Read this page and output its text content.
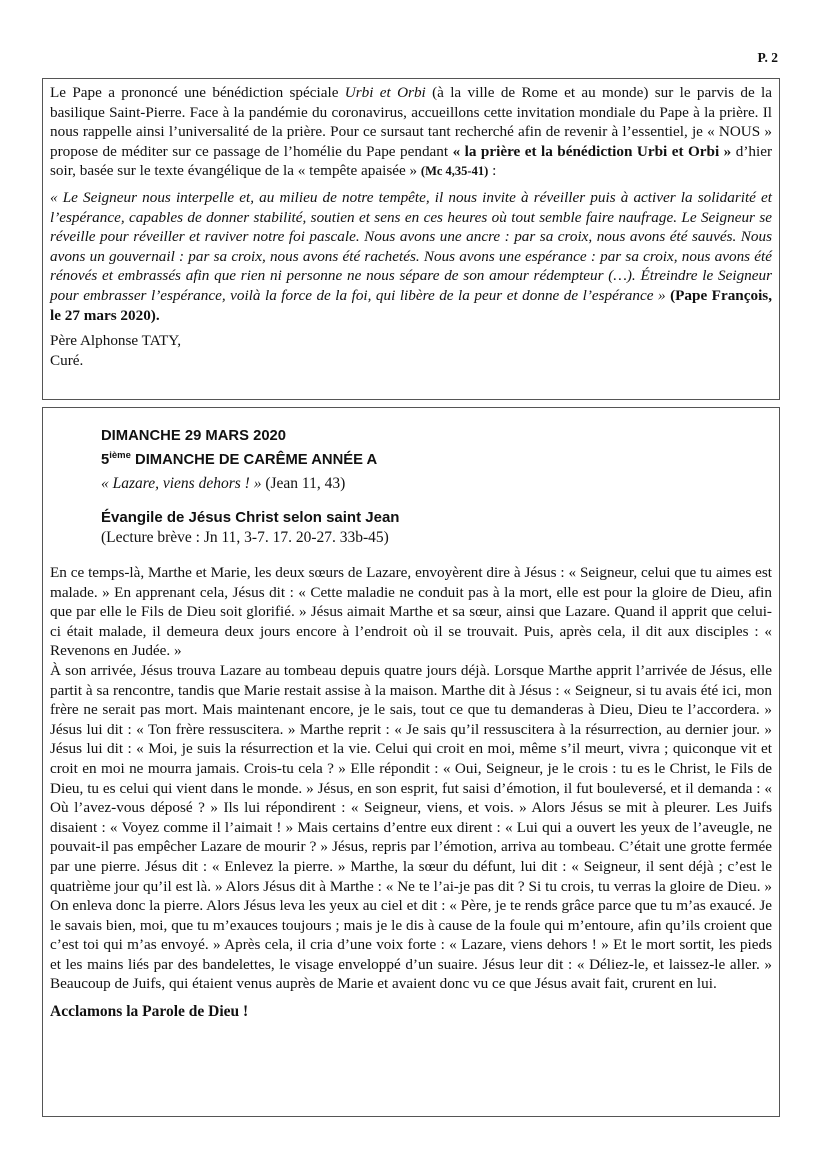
P. 2

Le Pape a prononcé une bénédiction spéciale Urbi et Orbi (à la ville de Rome et au monde) sur le parvis de la basilique Saint-Pierre. Face à la pandémie du coronavirus, accueillons cette invitation mondiale du Pape à la prière. Il nous rappelle ainsi l’universalité de la prière. Pour ce sursaut tant recherché afin de revenir à l’essentiel, je « NOUS » propose de méditer sur ce passage de l’homélie du Pape pendant « la prière et la bénédiction Urbi et Orbi » d’hier soir, basée sur le texte évangélique de la « tempête apaisée » (Mc 4,35-41) :

« Le Seigneur nous interpelle et, au milieu de notre tempête, il nous invite à réveiller puis à activer la solidarité et l’espérance, capables de donner stabilité, soutien et sens en ces heures où tout semble faire naufrage. Le Seigneur se réveille pour réveiller et raviver notre foi pascale. Nous avons une ancre : par sa croix, nous avons été sauvés. Nous avons un gouvernail : par sa croix, nous avons été rachetés. Nous avons une espérance : par sa croix, nous avons été rénovés et embrassés afin que rien ni personne ne nous sépare de son amour rédempteur (…). Étreindre le Seigneur pour embrasser l’espérance, voilà la force de la foi, qui libère de la peur et donne de l’espérance » (Pape François, le 27 mars 2020).

Père Alphonse TATY,

Curé.

DIMANCHE 29 MARS 2020
5ième DIMANCHE DE CARÊME ANNÉE A
« Lazare, viens dehors ! » (Jean 11, 43)
Évangile de Jésus Christ selon saint Jean
(Lecture brève : Jn 11, 3-7. 17. 20-27. 33b-45)

En ce temps-là, Marthe et Marie, les deux sœurs de Lazare, envoyèrent dire à Jésus : « Seigneur, celui que tu aimes est malade. » En apprenant cela, Jésus dit : « Cette maladie ne conduit pas à la mort, elle est pour la gloire de Dieu, afin que par elle le Fils de Dieu soit glorifié. » Jésus aimait Marthe et sa sœur, ainsi que Lazare. Quand il apprit que celui-ci était malade, il demeura deux jours encore à l’endroit où il se trouvait. Puis, après cela, il dit aux disciples : « Revenons en Judée. »

À son arrivée, Jésus trouva Lazare au tombeau depuis quatre jours déjà. Lorsque Marthe apprit l’arrivée de Jésus, elle partit à sa rencontre, tandis que Marie restait assise à la maison. Marthe dit à Jésus : « Seigneur, si tu avais été ici, mon frère ne serait pas mort. Mais maintenant encore, je le sais, tout ce que tu demanderas à Dieu, Dieu te l’accordera. » Jésus lui dit : « Ton frère ressuscitera. » Marthe reprit : « Je sais qu’il ressuscitera à la résurrection, au dernier jour. » Jésus lui dit : « Moi, je suis la résurrection et la vie. Celui qui croit en moi, même s’il meurt, vivra ; quiconque vit et croit en moi ne mourra jamais. Crois-tu cela ? » Elle répondit : « Oui, Seigneur, je le crois : tu es le Christ, le Fils de Dieu, tu es celui qui vient dans le monde. » Jésus, en son esprit, fut saisi d’émotion, il fut bouleversé, et il demanda : « Où l’avez-vous déposé ? » Ils lui répondirent : « Seigneur, viens, et vois. » Alors Jésus se mit à pleurer. Les Juifs disaient : « Voyez comme il l’aimait ! » Mais certains d’entre eux dirent : « Lui qui a ouvert les yeux de l’aveugle, ne pouvait-il pas empêcher Lazare de mourir ? » Jésus, repris par l’émotion, arriva au tombeau. C’était une grotte fermée par une pierre. Jésus dit : « Enlevez la pierre. » Marthe, la sœur du défunt, lui dit : « Seigneur, il sent déjà ; c’est le quatrième jour qu’il est là. » Alors Jésus dit à Marthe : « Ne te l’ai-je pas dit ? Si tu crois, tu verras la gloire de Dieu. » On enleva donc la pierre. Alors Jésus leva les yeux au ciel et dit : « Père, je te rends grâce parce que tu m’as exaucé. Je le savais bien, moi, que tu m’exauces toujours ; mais je le dis à cause de la foule qui m’entoure, afin qu’ils croient que c’est toi qui m’as envoyé. » Après cela, il cria d’une voix forte : « Lazare, viens dehors ! » Et le mort sortit, les pieds et les mains liés par des bandelettes, le visage enveloppé d’un suaire. Jésus leur dit : « Déliez-le, et laissez-le aller. » Beaucoup de Juifs, qui étaient venus auprès de Marie et avaient donc vu ce que Jésus avait fait, crurent en lui.

Acclamons la Parole de Dieu !
